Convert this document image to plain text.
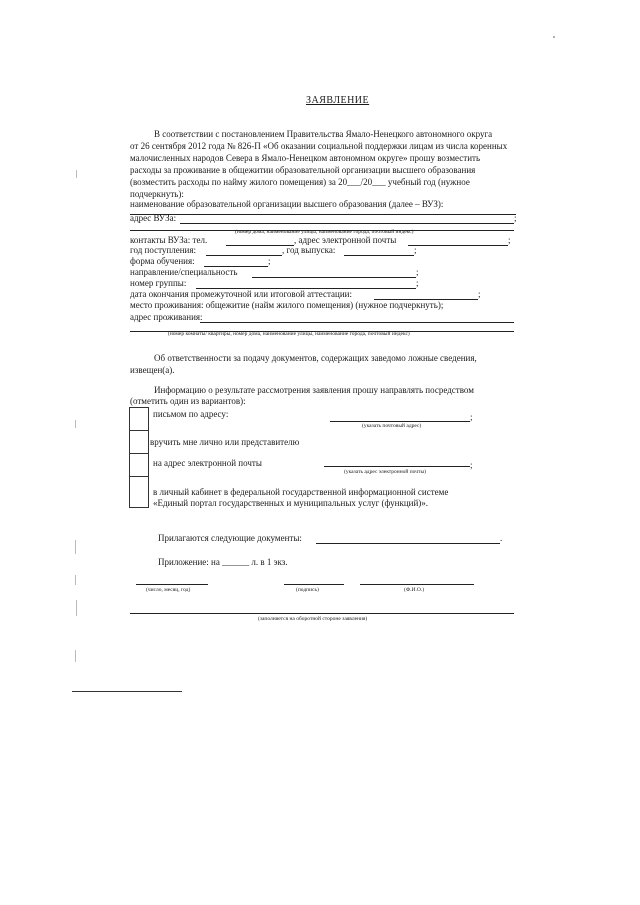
ЗАЯВЛЕНИЕ
В соответствии с постановлением Правительства Ямало-Ненецкого автономного округа
от 26 сентября 2012 года № 826-П «Об оказании социальной поддержки лицам из числа коренных
малочисленных народов Севера в Ямало-Ненецком автономном округе» прошу возместить
расходы за проживание в общежитии образовательной организации высшего образования
(возместить расходы по найму жилого помещения) за 20___/20___ учебный год (нужное
подчеркнуть):
наименование образовательной организации высшего образования (далее – ВУЗ):
адрес ВУЗа:	;
(номер дома, наименование улицы, наименование города, почтовый индекс)
контакты ВУЗа: тел.	, адрес электронной почты	;
год поступления:	, год выпуска:	;
форма обучения:	;
направление/специальность	;
номер группы:	;
дата окончания промежуточной или итоговой аттестации:	;
место проживания: общежитие (найм жилого помещения) (нужное подчеркнуть);
адрес проживания:
(номер комнаты/ квартиры, номер дома, наименование улицы, наименование города, почтовый индекс)
Об ответственности за подачу документов, содержащих заведомо ложные сведения,
извещен(а).
Информацию о результате рассмотрения заявления прошу направлять посредством
(отметить один из вариантов):
письмом по адресу:	;
(указать почтовый адрес)
вручить мне лично или представителю
на адрес электронной почты	;
(указать адрес электронной почты)
в личный кабинет в федеральной государственной информационной системе
«Единый портал государственных и муниципальных услуг (функций)».
Прилагаются следующие документы:	.
Приложение: на ______ л. в 1 экз.
(число, месяц, год)	(подпись)	(Ф.И.О.)
(заполняется на оборотной стороне заявления)
